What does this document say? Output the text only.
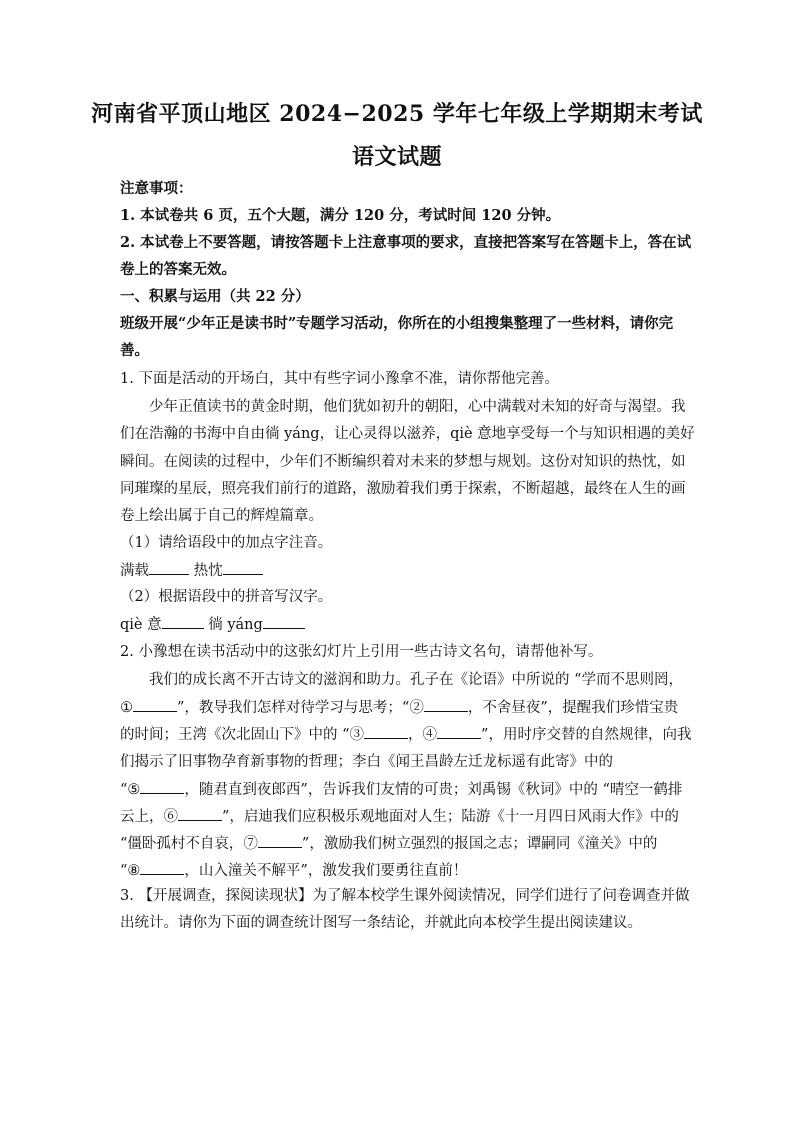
河南省平顶山地区 2024−2025 学年七年级上学期期末考试
语文试题
注意事项：
1. 本试卷共 6 页，五个大题，满分 120 分，考试时间 120 分钟。
2. 本试卷上不要答题，请按答题卡上注意事项的要求，直接把答案写在答题卡上，答在试
卷上的答案无效。
一、积累与运用（共 22 分）
班级开展“少年正是读书时”专题学习活动，你所在的小组搜集整理了一些材料，请你完
善。
1. 下面是活动的开场白，其中有些字词小豫拿不准，请你帮他完善。
少年正值读书的黄金时期，他们犹如初升的朝阳，心中满载对未知的好奇与渴望。我
们在浩瀚的书海中自由徜 yáng，让心灵得以滋养，qiè 意地享受每一个与知识相遇的美好
瞬间。在阅读的过程中，少年们不断编织着对未来的梦想与规划。这份对知识的热忱，如
同璀璨的星辰，照亮我们前行的道路，激励着我们勇于探索，不断超越，最终在人生的画
卷上绘出属于自己的辉煌篇章。
（1）请给语段中的加点字注音。
满载	热忱
（2）根据语段中的拼音写汉字。
qiè 意	徜 yáng
2. 小豫想在读书活动中的这张幻灯片上引用一些古诗文名句，请帮他补写。
我们的成长离不开古诗文的滋润和助力。孔子在《论语》中所说的 “学而不思则罔，
①	”，教导我们怎样对待学习与思考；“②	，不舍昼夜”，提醒我们珍惜宝贵
的时间；王湾《次北固山下》中的 “③	，④	”，用时序交替的自然规律，向我
们揭示了旧事物孕育新事物的哲理；李白《闻王昌龄左迁龙标遥有此寄》中的
“⑤	，随君直到夜郎西”，告诉我们友情的可贵；刘禹锡《秋词》中的 “晴空一鹤排
云上，⑥	”，启迪我们应积极乐观地面对人生；陆游《十一月四日风雨大作》中的
“僵卧孤村不自哀，⑦	”，激励我们树立强烈的报国之志；谭嗣同《潼关》中的
“⑧	，山入潼关不解平”，激发我们要勇往直前！
3. 【开展调查，探阅读现状】为了解本校学生课外阅读情况，同学们进行了问卷调查并做
出统计。请你为下面的调查统计图写一条结论，并就此向本校学生提出阅读建议。
